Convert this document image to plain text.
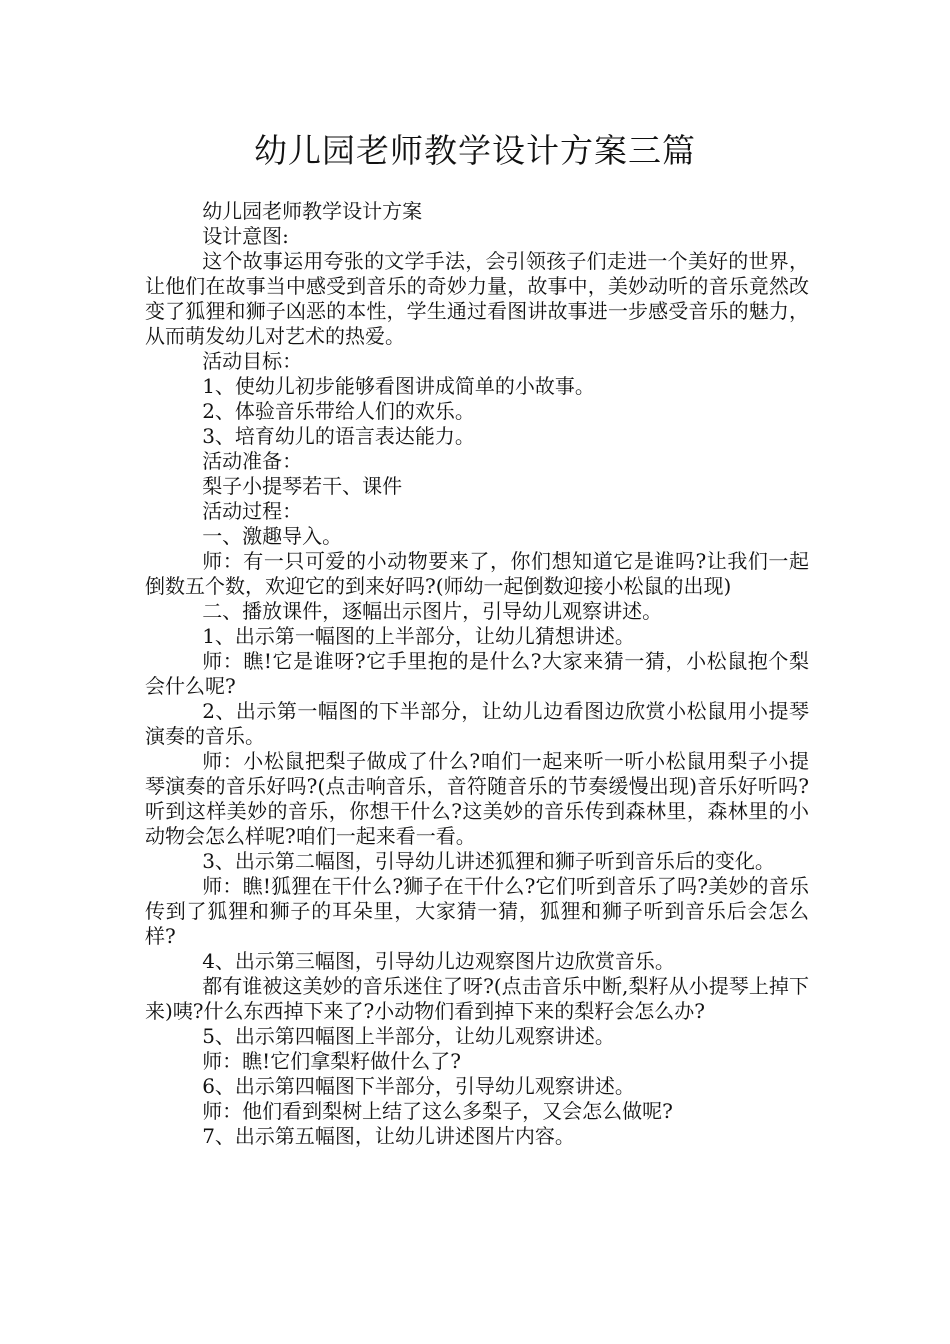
幼儿园老师教学设计方案三篇

幼儿园老师教学设计方案

设计意图:

这个故事运用夸张的文学手法，会引领孩子们走进一个美好的世界，让他们在故事当中感受到音乐的奇妙力量，故事中，美妙动听的音乐竟然改变了狐狸和狮子凶恶的本性，学生通过看图讲故事进一步感受音乐的魅力，从而萌发幼儿对艺术的热爱。

活动目标：

1、使幼儿初步能够看图讲成简单的小故事。

2、体验音乐带给人们的欢乐。

3、培育幼儿的语言表达能力。

活动准备：

梨子小提琴若干、课件

活动过程：

一、激趣导入。

师：有一只可爱的小动物要来了，你们想知道它是谁吗?让我们一起倒数五个数，欢迎它的到来好吗?(师幼一起倒数迎接小松鼠的出现)

二、播放课件，逐幅出示图片，引导幼儿观察讲述。

1、出示第一幅图的上半部分，让幼儿猜想讲述。

师：瞧!它是谁呀?它手里抱的是什么?大家来猜一猜，小松鼠抱个梨会什么呢?

2、出示第一幅图的下半部分，让幼儿边看图边欣赏小松鼠用小提琴演奏的音乐。

师：小松鼠把梨子做成了什么?咱们一起来听一听小松鼠用梨子小提琴演奏的音乐好吗?(点击响音乐，音符随音乐的节奏缓慢出现)音乐好听吗?听到这样美妙的音乐，你想干什么?这美妙的音乐传到森林里，森林里的小动物会怎么样呢?咱们一起来看一看。

3、出示第二幅图，引导幼儿讲述狐狸和狮子听到音乐后的变化。

师：瞧!狐狸在干什么?狮子在干什么?它们听到音乐了吗?美妙的音乐传到了狐狸和狮子的耳朵里，大家猜一猜，狐狸和狮子听到音乐后会怎么样?

4、出示第三幅图，引导幼儿边观察图片边欣赏音乐。

都有谁被这美妙的音乐迷住了呀?(点击音乐中断,梨籽从小提琴上掉下来)咦?什么东西掉下来了?小动物们看到掉下来的梨籽会怎么办?

5、出示第四幅图上半部分，让幼儿观察讲述。

师：瞧!它们拿梨籽做什么了?

6、出示第四幅图下半部分，引导幼儿观察讲述。

师：他们看到梨树上结了这么多梨子，又会怎么做呢?

7、出示第五幅图，让幼儿讲述图片内容。
